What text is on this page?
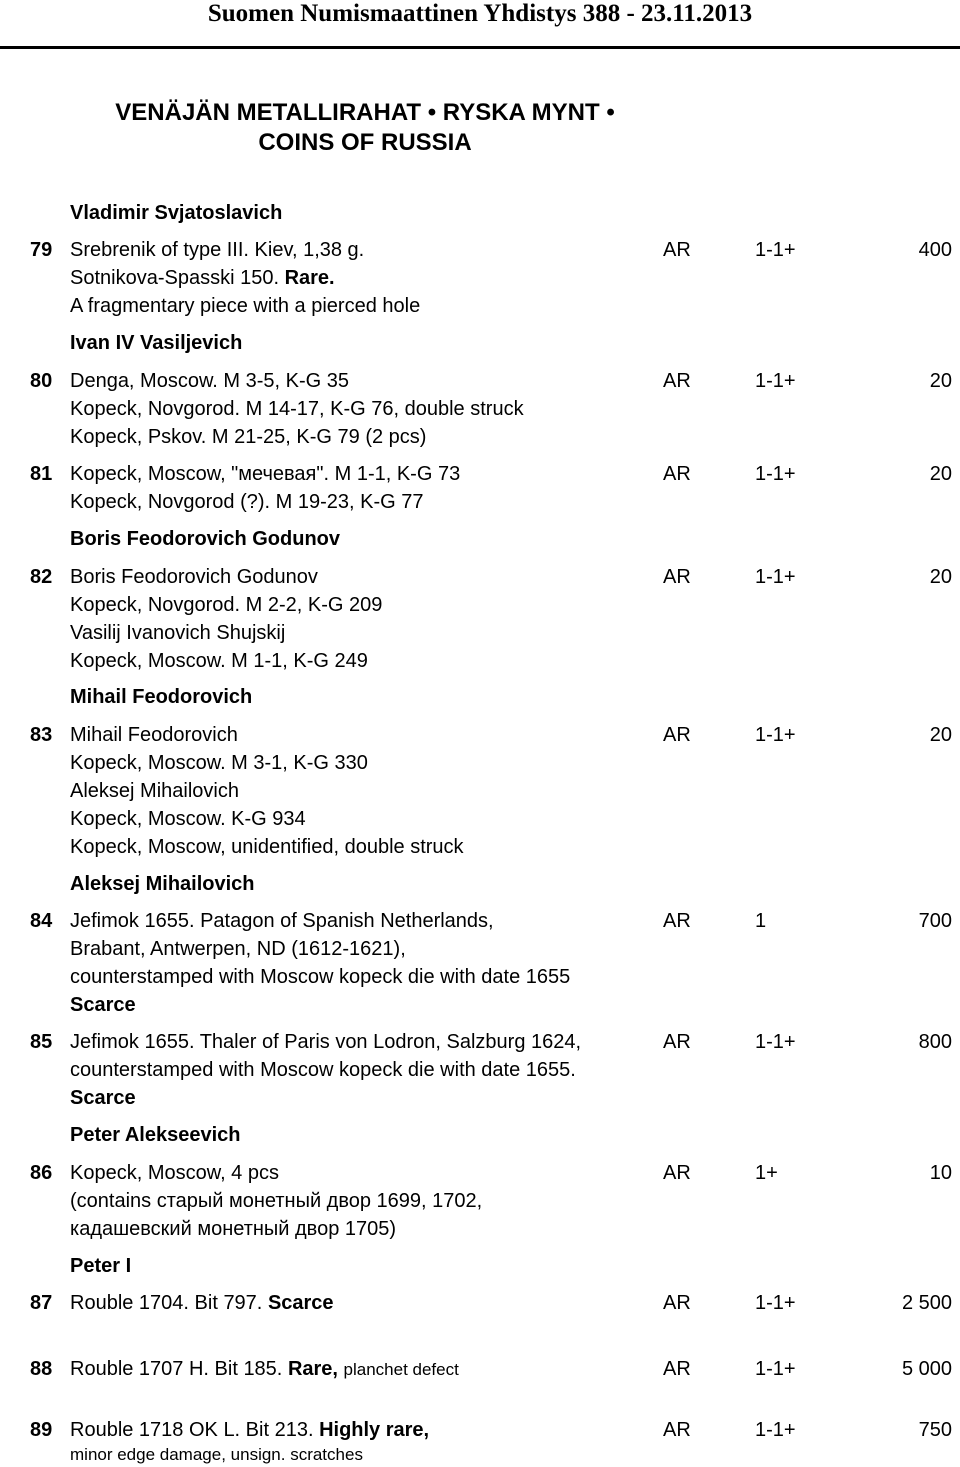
Suomen Numismaattinen Yhdistys 388 - 23.11.2013
VENÄJÄN METALLIRAHAT • RYSKA MYNT •
COINS OF RUSSIA
Vladimir Svjatoslavich
79 Srebrenik of type III. Kiev, 1,38 g.
Sotnikova-Spasski 150. Rare.
A fragmentary piece with a pierced hole
AR	1-1+	400
Ivan IV Vasiljevich
80 Denga, Moscow. M 3-5, K-G 35
Kopeck, Novgorod. M 14-17, K-G 76, double struck
Kopeck, Pskov. M 21-25, K-G 79 (2 pcs)
AR	1-1+	20
81 Kopeck, Moscow, "мечевая". M 1-1, K-G 73
Kopeck, Novgorod (?). M 19-23, K-G 77
AR	1-1+	20
Boris Feodorovich Godunov
82 Boris Feodorovich Godunov
Kopeck, Novgorod. M 2-2, K-G 209
Vasilij Ivanovich Shujskij
Kopeck, Moscow. M 1-1, K-G 249
AR	1-1+	20
Mihail Feodorovich
83 Mihail Feodorovich
Kopeck, Moscow. M 3-1, K-G 330
Aleksej Mihailovich
Kopeck, Moscow. K-G 934
Kopeck, Moscow, unidentified, double struck
AR	1-1+	20
Aleksej Mihailovich
84 Jefimok 1655. Patagon of Spanish Netherlands,
Brabant, Antwerpen, ND (1612-1621),
counterstamped with Moscow kopeck die with date 1655
Scarce
AR	1	700
85 Jefimok 1655. Thaler of Paris von Lodron, Salzburg 1624,
counterstamped with Moscow kopeck die with date 1655.
Scarce
AR	1-1+	800
Peter Alekseevich
86 Kopeck, Moscow, 4 pcs
(contains старый монетный двор 1699, 1702,
кадашевский монетный двор 1705)
AR	1+	10
Peter I
87 Rouble 1704. Bit 797. Scarce	AR	1-1+	2 500
88 Rouble 1707 H. Bit 185. Rare, planchet defect	AR	1-1+	5 000
89 Rouble 1718 OK L. Bit 213. Highly rare,
minor edge damage, unsign. scratches
AR	1-1+	750
